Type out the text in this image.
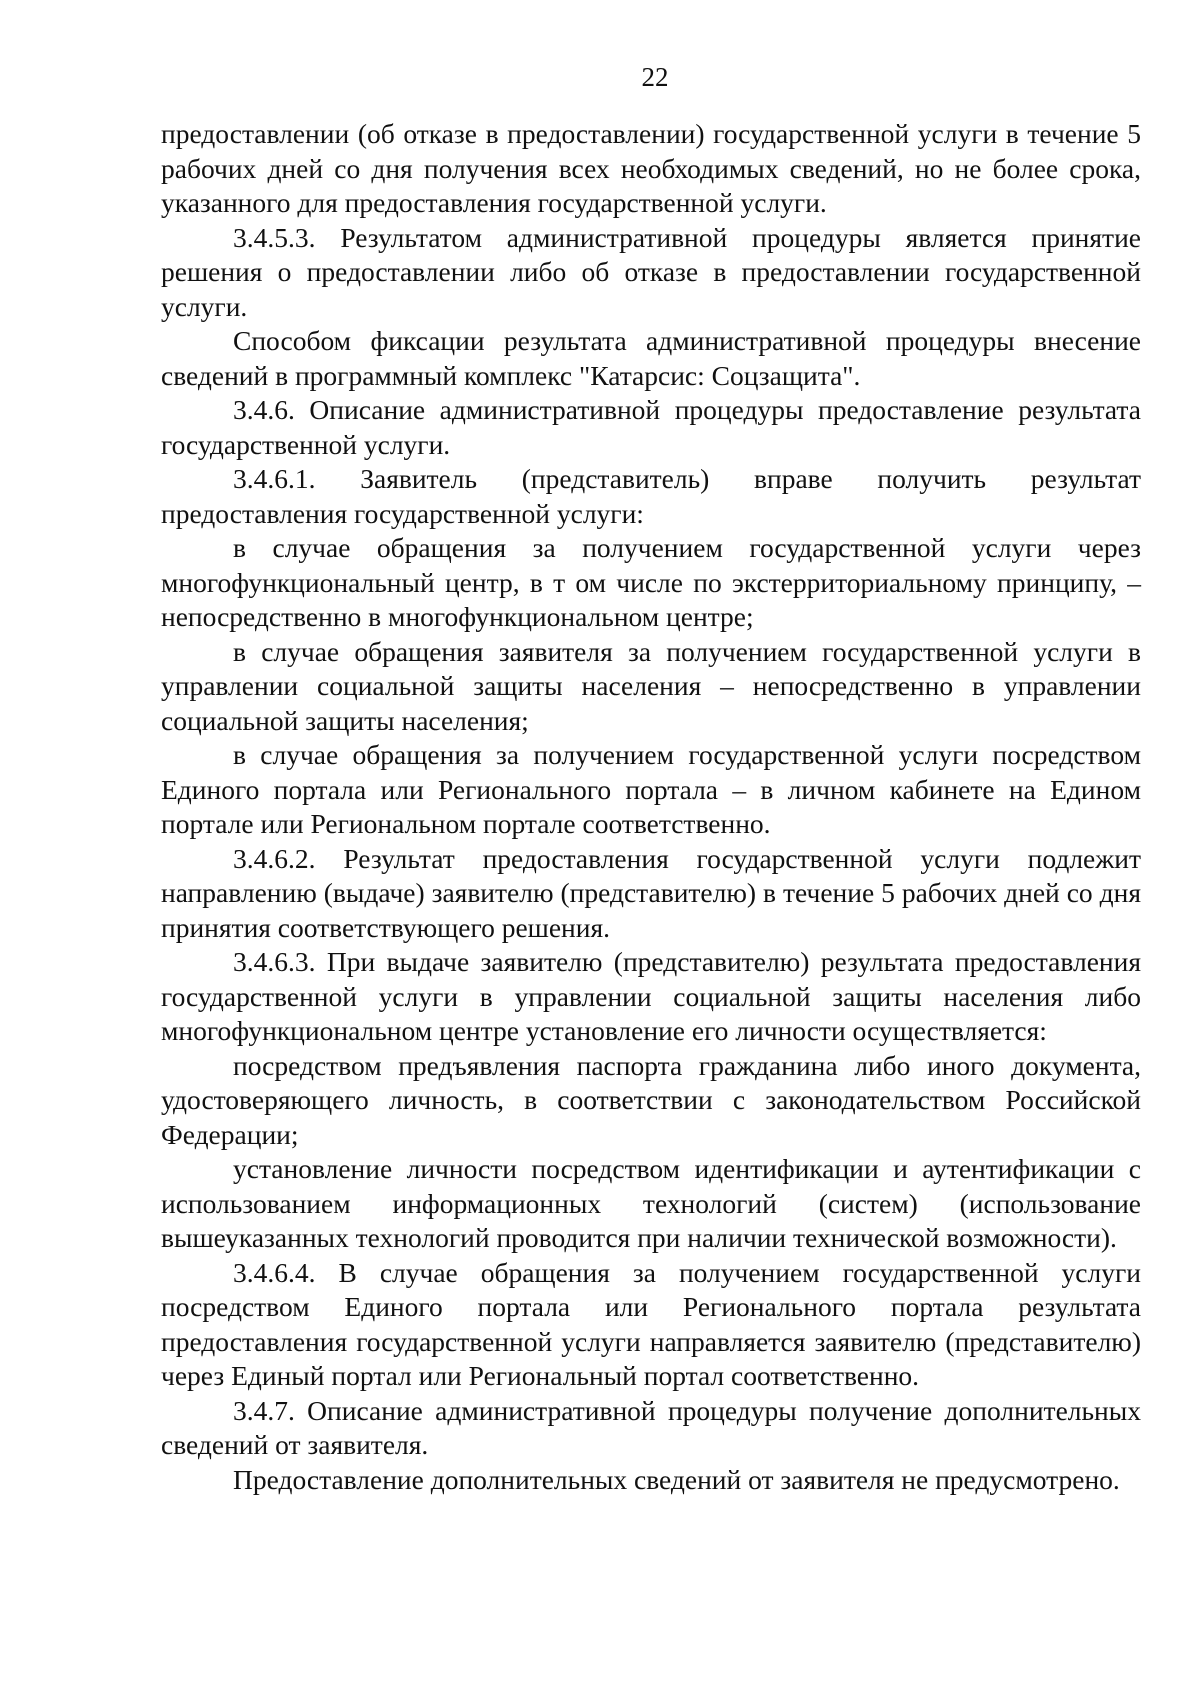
22

предоставлении (об отказе в предоставлении) государственной услуги в течение 5 рабочих дней со дня получения всех необходимых сведений, но не более срока, указанного для предоставления государственной услуги.

3.4.5.3. Результатом административной процедуры является принятие решения о предоставлении либо об отказе в предоставлении государственной услуги.

Способом фиксации результата административной процедуры внесение сведений в программный комплекс "Катарсис: Соцзащита".

3.4.6. Описание административной процедуры предоставление результата государственной услуги.

3.4.6.1. Заявитель (представитель) вправе получить результат предоставления государственной услуги:

в случае обращения за получением государственной услуги через многофункциональный центр, в т ом числе по экстерриториальному принципу, – непосредственно в многофункциональном центре;

в случае обращения заявителя за получением государственной услуги в управлении социальной защиты населения – непосредственно в управлении социальной защиты населения;

в случае обращения за получением государственной услуги посредством Единого портала или Регионального портала – в личном кабинете на Едином портале или Региональном портале соответственно.

3.4.6.2. Результат предоставления государственной услуги подлежит направлению (выдаче) заявителю (представителю) в течение 5 рабочих дней со дня принятия соответствующего решения.

3.4.6.3. При выдаче заявителю (представителю) результата предоставления государственной услуги в управлении социальной защиты населения либо многофункциональном центре установление его личности осуществляется:

посредством предъявления паспорта гражданина либо иного документа, удостоверяющего личность, в соответствии с законодательством Российской Федерации;

установление личности посредством идентификации и аутентификации с использованием информационных технологий (систем) (использование вышеуказанных технологий проводится при наличии технической возможности).

3.4.6.4. В случае обращения за получением государственной услуги посредством Единого портала или Регионального портала результата предоставления государственной услуги направляется заявителю (представителю) через Единый портал или Региональный портал соответственно.

3.4.7. Описание административной процедуры получение дополнительных сведений от заявителя.

Предоставление дополнительных сведений от заявителя не предусмотрено.
